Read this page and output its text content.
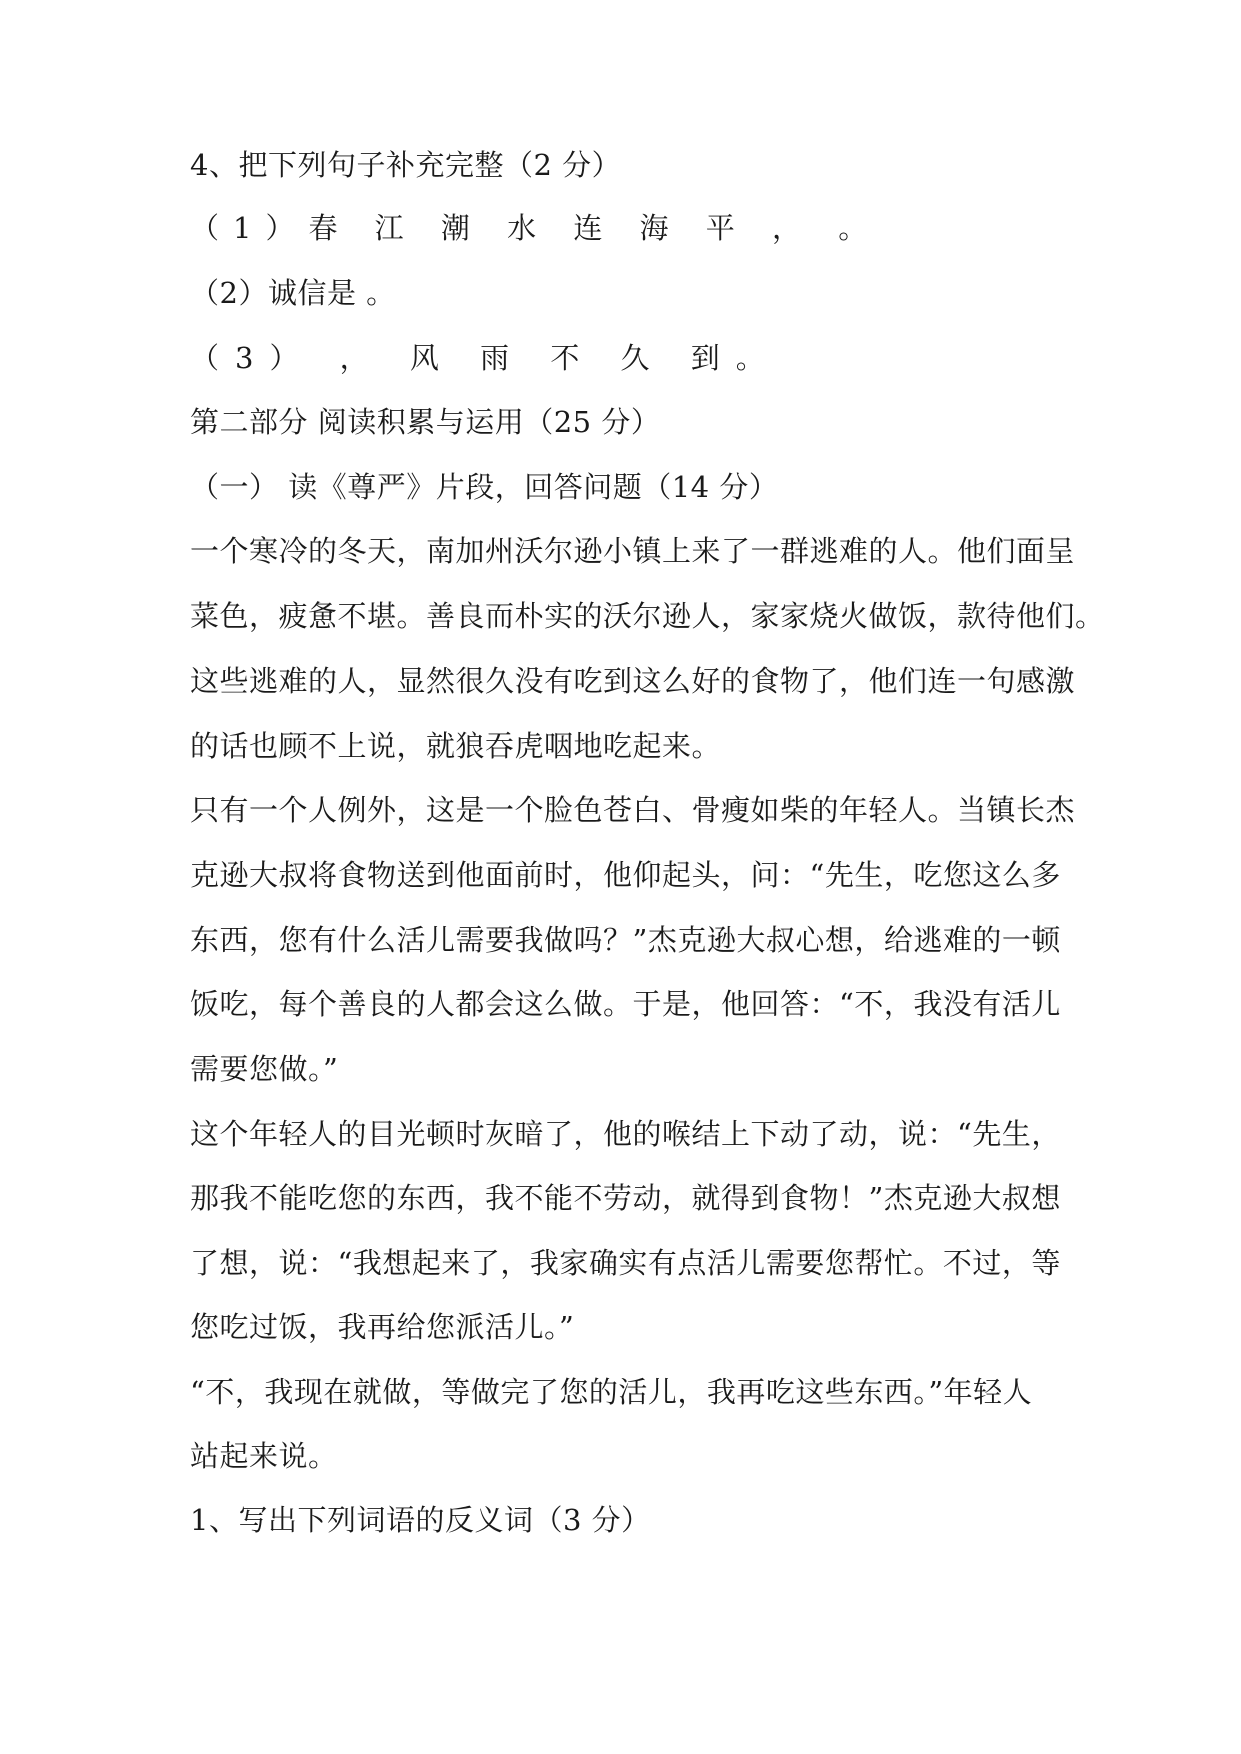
4、把下列句子补充完整（2 分）
（1）春 江 潮 水 连 海 平 ， 。
（2）诚信是 。
（3） ， 风 雨 不 久 到。
第二部分 阅读积累与运用（25 分）
（一） 读《尊严》片段，回答问题（14 分）
一个寒冷的冬天，南加州沃尔逊小镇上来了一群逃难的人。他们面呈
菜色，疲惫不堪。善良而朴实的沃尔逊人，家家烧火做饭，款待他们。
这些逃难的人，显然很久没有吃到这么好的食物了，他们连一句感激
的话也顾不上说，就狼吞虎咽地吃起来。
只有一个人例外，这是一个脸色苍白、骨瘦如柴的年轻人。当镇长杰
克逊大叔将食物送到他面前时，他仰起头，问：“先生，吃您这么多
东西，您有什么活儿需要我做吗？”杰克逊大叔心想，给逃难的一顿
饭吃，每个善良的人都会这么做。于是，他回答：“不，我没有活儿
需要您做。”
这个年轻人的目光顿时灰暗了，他的喉结上下动了动，说：“先生，
那我不能吃您的东西，我不能不劳动，就得到食物！”杰克逊大叔想
了想，说：“我想起来了，我家确实有点活儿需要您帮忙。不过，等
您吃过饭，我再给您派活儿。”
“不，我现在就做，等做完了您的活儿，我再吃这些东西。”年轻人
站起来说。
1、写出下列词语的反义词（3 分）
